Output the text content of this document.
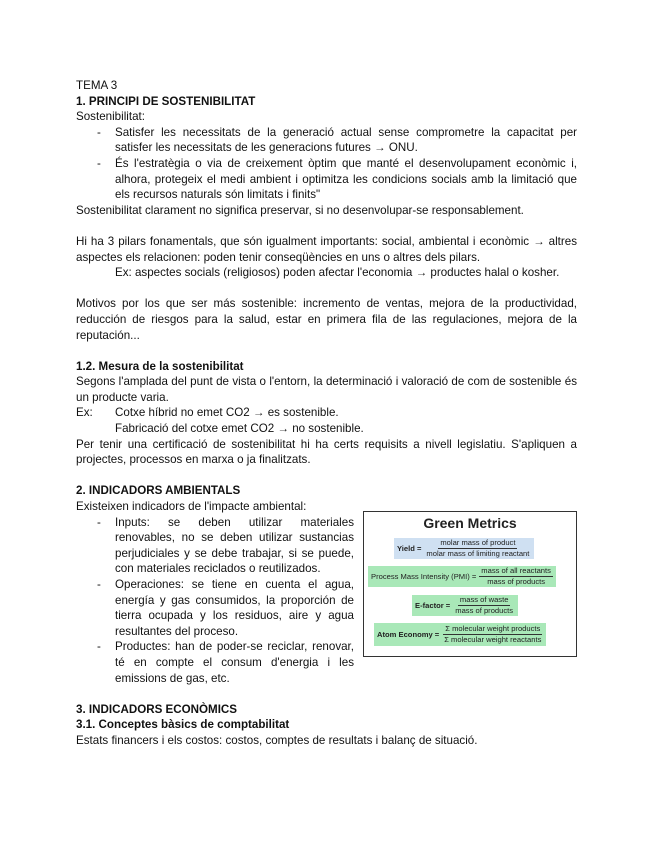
TEMA 3

1. PRINCIPI DE SOSTENIBILITAT

Sostenibilitat:

- Satisfer les necessitats de la generació actual sense comprometre la capacitat per satisfer les necessitats de les generacions futures → ONU.
- És l'estratègia o via de creixement òptim que manté el desenvolupament econòmic i, alhora, protegeix el medi ambient i optimitza les condicions socials amb la limitació que els recursos naturals són limitats i finits"

Sostenibilitat clarament no significa preservar, si no desenvolupar-se responsablement.

Hi ha 3 pilars fonamentals, que són igualment importants: social, ambiental i econòmic → altres aspectes els relacionen: poden tenir conseqüències en uns o altres dels pilars.

Ex: aspectes socials (religiosos) poden afectar l'economia → productes halal o kosher.

Motivos por los que ser más sostenible: incremento de ventas, mejora de la productividad, reducción de riesgos para la salud, estar en primera fila de las regulaciones, mejora de la reputación...

1.2. Mesura de la sostenibilitat

Segons l'amplada del punt de vista o l'entorn, la determinació i valoració de com de sostenible és un producte varia.

Ex:	Cotxe híbrid no emet CO2 → es sostenible.

Fabricació del cotxe emet CO2 → no sostenible.

Per tenir una certificació de sostenibilitat hi ha certs requisits a nivell legislatiu. S'apliquen a projectes, processos en marxa o ja finalitzats.

2. INDICADORS AMBIENTALS

Existeixen indicadors de l'impacte ambiental:

- Inputs: se deben utilizar materiales renovables, no se deben utilizar sustancias perjudiciales y se debe trabajar, si se puede, con materiales reciclados o reutilizados.
- Operaciones: se tiene en cuenta el agua, energía y gas consumidos, la proporción de tierra ocupada y los residuos, aire y agua resultantes del proceso.
- Productes: han de poder-se reciclar, renovar, té en compte el consum d'energia i les emissions de gas, etc.
Green Metrics
Yield = $\frac{\text{molar mass of product}}{\text{molar mass of limiting reactant}}$
Process Mass Intensity $(PMI) = \frac{\text{mass of all reactants}}{\text{mass of products}}$
E-factor = $\frac{\text{mass of waste}}{\text{mass of products}}$
Atom Economy = $\frac{\text{Σ molecular weight products}}{\text{Σ molecular weight reactants}}$

3. INDICADORS ECONÒMICS

3.1. Conceptes bàsics de comptabilitat

Estats financers i els costos: costos, comptes de resultats i balanç de situació.
